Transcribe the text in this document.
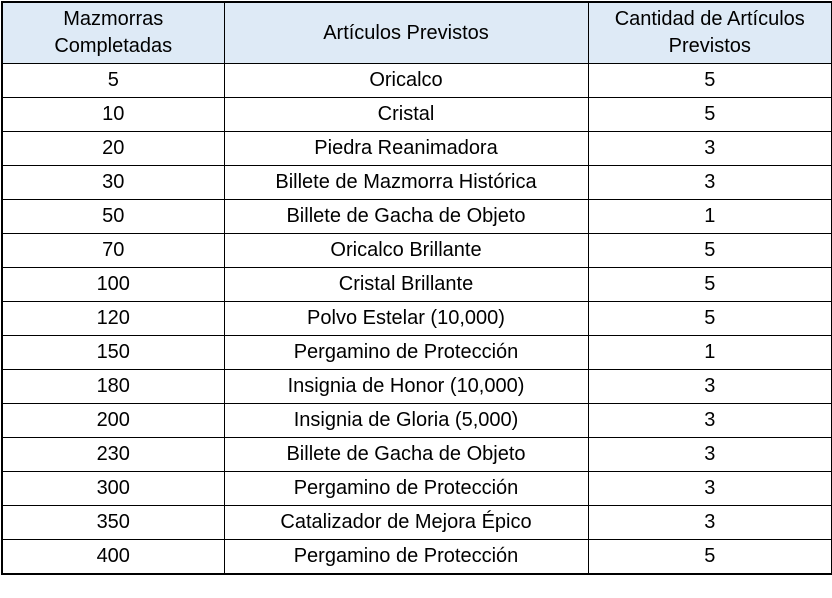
Mazmorras Completadas	Artículos Previstos	Cantidad de Artículos Previstos
5	Oricalco	5
10	Cristal	5
20	Piedra Reanimadora	3
30	Billete de Mazmorra Histórica	3
50	Billete de Gacha de Objeto	1
70	Oricalco Brillante	5
100	Cristal Brillante	5
120	Polvo Estelar (10,000)	5
150	Pergamino de Protección	1
180	Insignia de Honor (10,000)	3
200	Insignia de Gloria (5,000)	3
230	Billete de Gacha de Objeto	3
300	Pergamino de Protección	3
350	Catalizador de Mejora Épico	3
400	Pergamino de Protección	5
